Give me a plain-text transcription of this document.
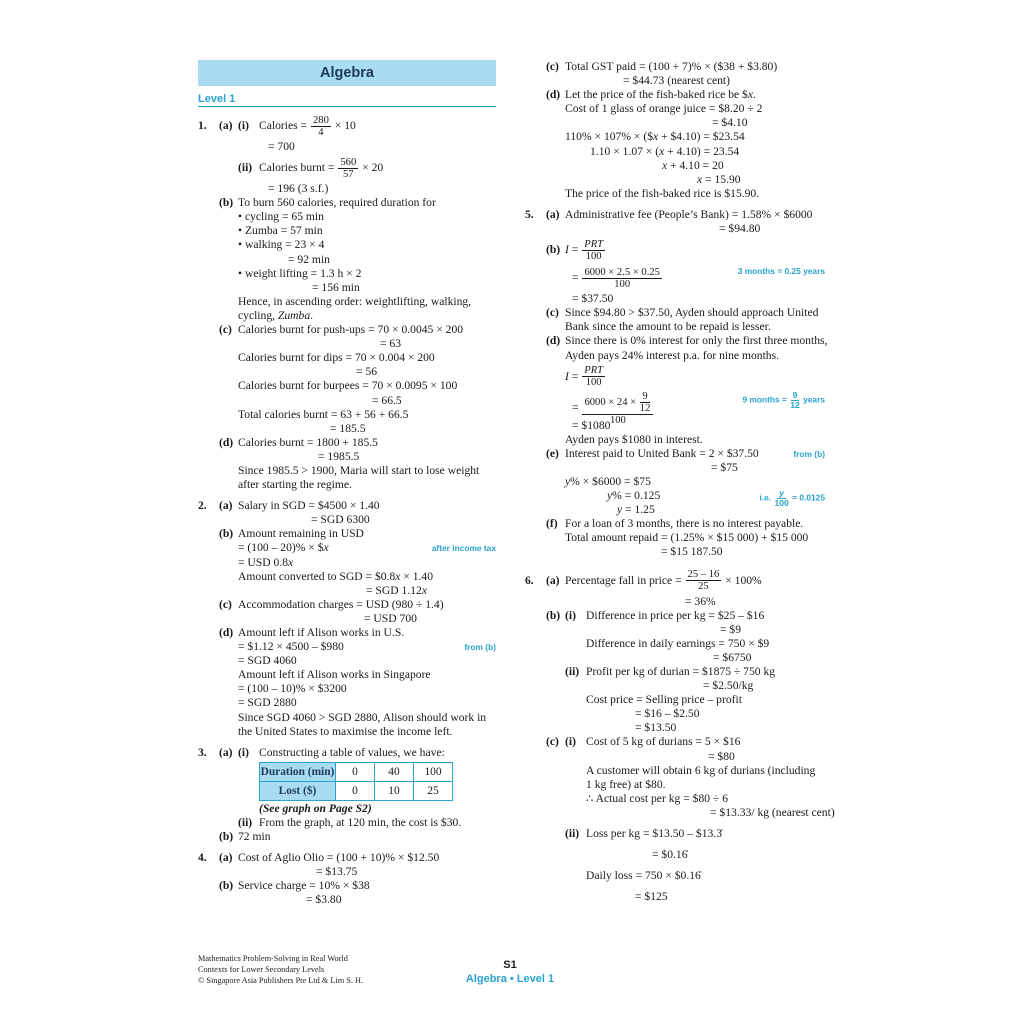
Algebra
Level 1
1. (a) (i) Calories = $\frac{280}{4} \times 10$
= 700
(ii) Calories burnt = $\frac{560}{57} \times 20$
= 196 (3 s.f.)
(b) To burn 560 calories, required duration for
• cycling = 65 min
• Zumba = 57 min
• walking = 23 × 4
= 92 min
• weight lifting = 1.3 h × 2
= 156 min
Hence, in ascending order: weightlifting, walking,
cycling, Zumba.
(c) Calories burnt for push-ups = 70 × 0.0045 × 200
= 63
Calories burnt for dips = 70 × 0.004 × 200
= 56
Calories burnt for burpees = 70 × 0.0095 × 100
= 66.5
Total calories burnt = 63 + 56 + 66.5
= 185.5
(d) Calories burnt = 1800 + 185.5
= 1985.5
Since 1985.5 > 1900, Maria will start to lose weight
after starting the regime.
2. (a) Salary in SGD = $4500 × 1.40
= SGD 6300
(b) Amount remaining in USD
= (100 – 20)% × $x	after income tax
= USD 0.8x
Amount converted to SGD = $0.8x × 1.40
= SGD 1.12x
(c) Accommodation charges = USD (980 ÷ 1.4)
= USD 700
(d) Amount left if Alison works in U.S.
= $1.12 × 4500 – $980	from (b)
= SGD 4060
Amount left if Alison works in Singapore
= (100 – 10)% × $3200
= SGD 2880
Since SGD 4060 > SGD 2880, Alison should work in
the United States to maximise the income left.
3. (a) (i) Constructing a table of values, we have:
Duration (min)	0	40	100
Lost ($)	0	10	25
(See graph on Page S2)
(ii) From the graph, at 120 min, the cost is $30.
(b) 72 min
4. (a) Cost of Aglio Olio = (100 + 10)% × $12.50
= $13.75
(b) Service charge = 10% × $38
= $3.80
(c) Total GST paid = (100 + 7)% × ($38 + $3.80)
= $44.73 (nearest cent)
(d) Let the price of the fish-baked rice be $x.
Cost of 1 glass of orange juice = $8.20 ÷ 2
= $4.10
110% × 107% × ($x + $4.10) = $23.54
1.10 × 1.07 × (x + 4.10) = 23.54
x + 4.10 = 20
x = 15.90
The price of the fish-baked rice is $15.90.
5. (a) Administrative fee (People’s Bank) = 1.58% × $6000
= $94.80
(b) $I = \frac{\text{PRT}}{100}$
= $\frac{6000 \times 2.5 \times 0.25}{100}$	3 months = 0.25 years
= $37.50
(c) Since $94.80 > $37.50, Ayden should approach United
Bank since the amount to be repaid is lesser.
(d) Since there is 0% interest for only the first three months,
Ayden pays 24% interest p.a. for nine months.
$I = \frac{\text{PRT}}{100}$
= $\frac{6000 \times 24 \times \frac{9}{12}}{100}$	9 months = $\frac{9}{12}$ years
= $1080
Ayden pays $1080 in interest.
(e) Interest paid to United Bank = 2 × $37.50	from (b)
= $75
y% × $6000 = $75
y% = 0.125	i.e. $\frac{y}{100} = 0.0125$
y = 1.25
(f) For a loan of 3 months, there is no interest payable.
Total amount repaid = (1.25% × $15 000) + $15 000
= $15 187.50
6. (a) Percentage fall in price = $\frac{25 - 16}{25} \times 100\%$
= 36%
(b) (i) Difference in price per kg = $25 – $16
= $9
Difference in daily earnings = 750 × $9
= $6750
(ii) Profit per kg of durian = $1875 ÷ 750 kg
= $2.50/kg
Cost price = Selling price – profit
= $16 – $2.50
= $13.50
(c) (i) Cost of 5 kg of durians = 5 × $16
= $80
A customer will obtain 6 kg of durians (including
1 kg free) at $80.
∴ Actual cost per kg = $80 ÷ 6
= $13.33/ kg (nearest cent)
(ii) Loss per kg = $13.50 – $13.3̇
= $0.16̇
Daily loss = 750 × $0.16̇
= $125
Mathematics Problem-Solving in Real World
Contexts for Lower Secondary Levels
© Singapore Asia Publishers Pte Ltd & Lim S. H.
S1
Algebra • Level 1
